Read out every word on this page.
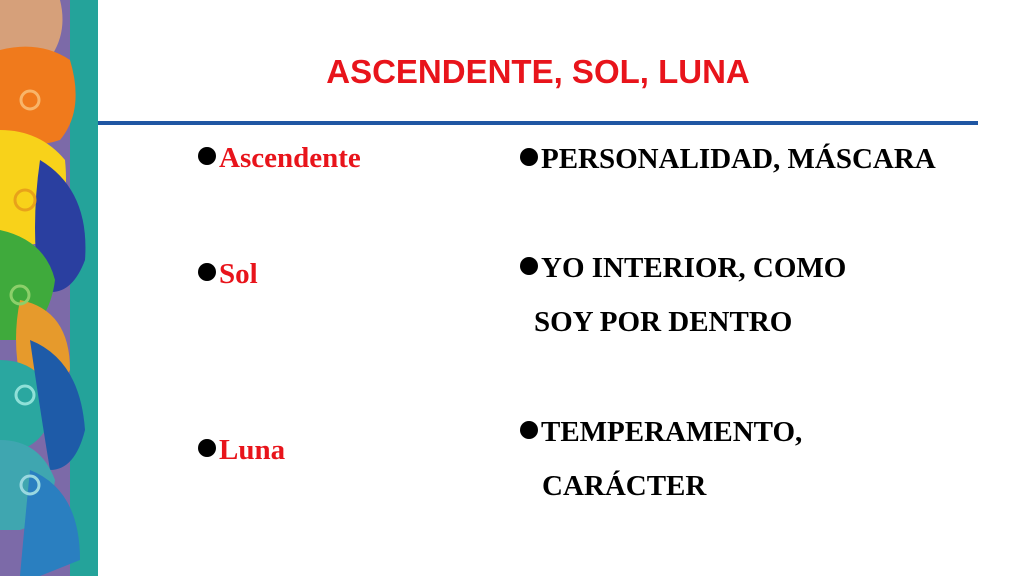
ASCENDENTE, SOL, LUNA
Ascendente
Sol
Luna
PERSONALIDAD, MÁSCARA
YO INTERIOR, COMO
SOY POR DENTRO
TEMPERAMENTO,
CARÁCTER
